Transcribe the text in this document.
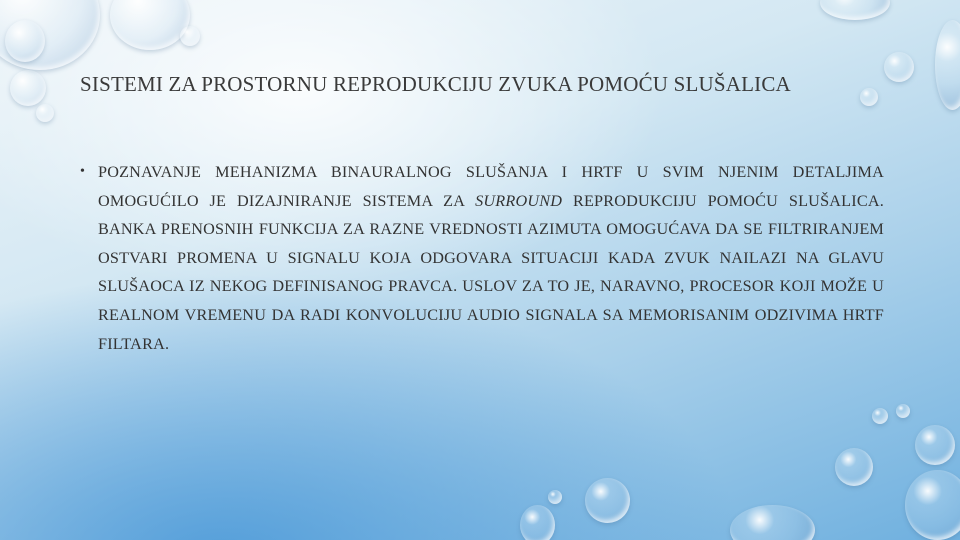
SISTEMI ZA PROSTORNU REPRODUKCIJU ZVUKA POMOĆU SLUŠALICA
• POZNAVANJE MEHANIZMA BINAURALNOG SLUŠANJA I HRTF U SVIM NJENIM DETALJIMA OMOGUĆILO JE DIZAJNIRANJE SISTEMA ZA SURROUND REPRODUKCIJU POMOĆU SLUŠALICA. BANKA PRENOSNIH FUNKCIJA ZA RAZNE VREDNOSTI AZIMUTA OMOGUĆAVA DA SE FILTRIRANJEM OSTVARI PROMENA U SIGNALU KOJA ODGOVARA SITUACIJI KADA ZVUK NAILAZI NA GLAVU SLUŠAOCA IZ NEKOG DEFINISANOG PRAVCA. USLOV ZA TO JE, NARAVNO, PROCESOR KOJI MOŽE U REALNOM VREMENU DA RADI KONVOLUCIJU AUDIO SIGNALA SA MEMORISANIM ODZIVIMA HRTF FILTARA.
